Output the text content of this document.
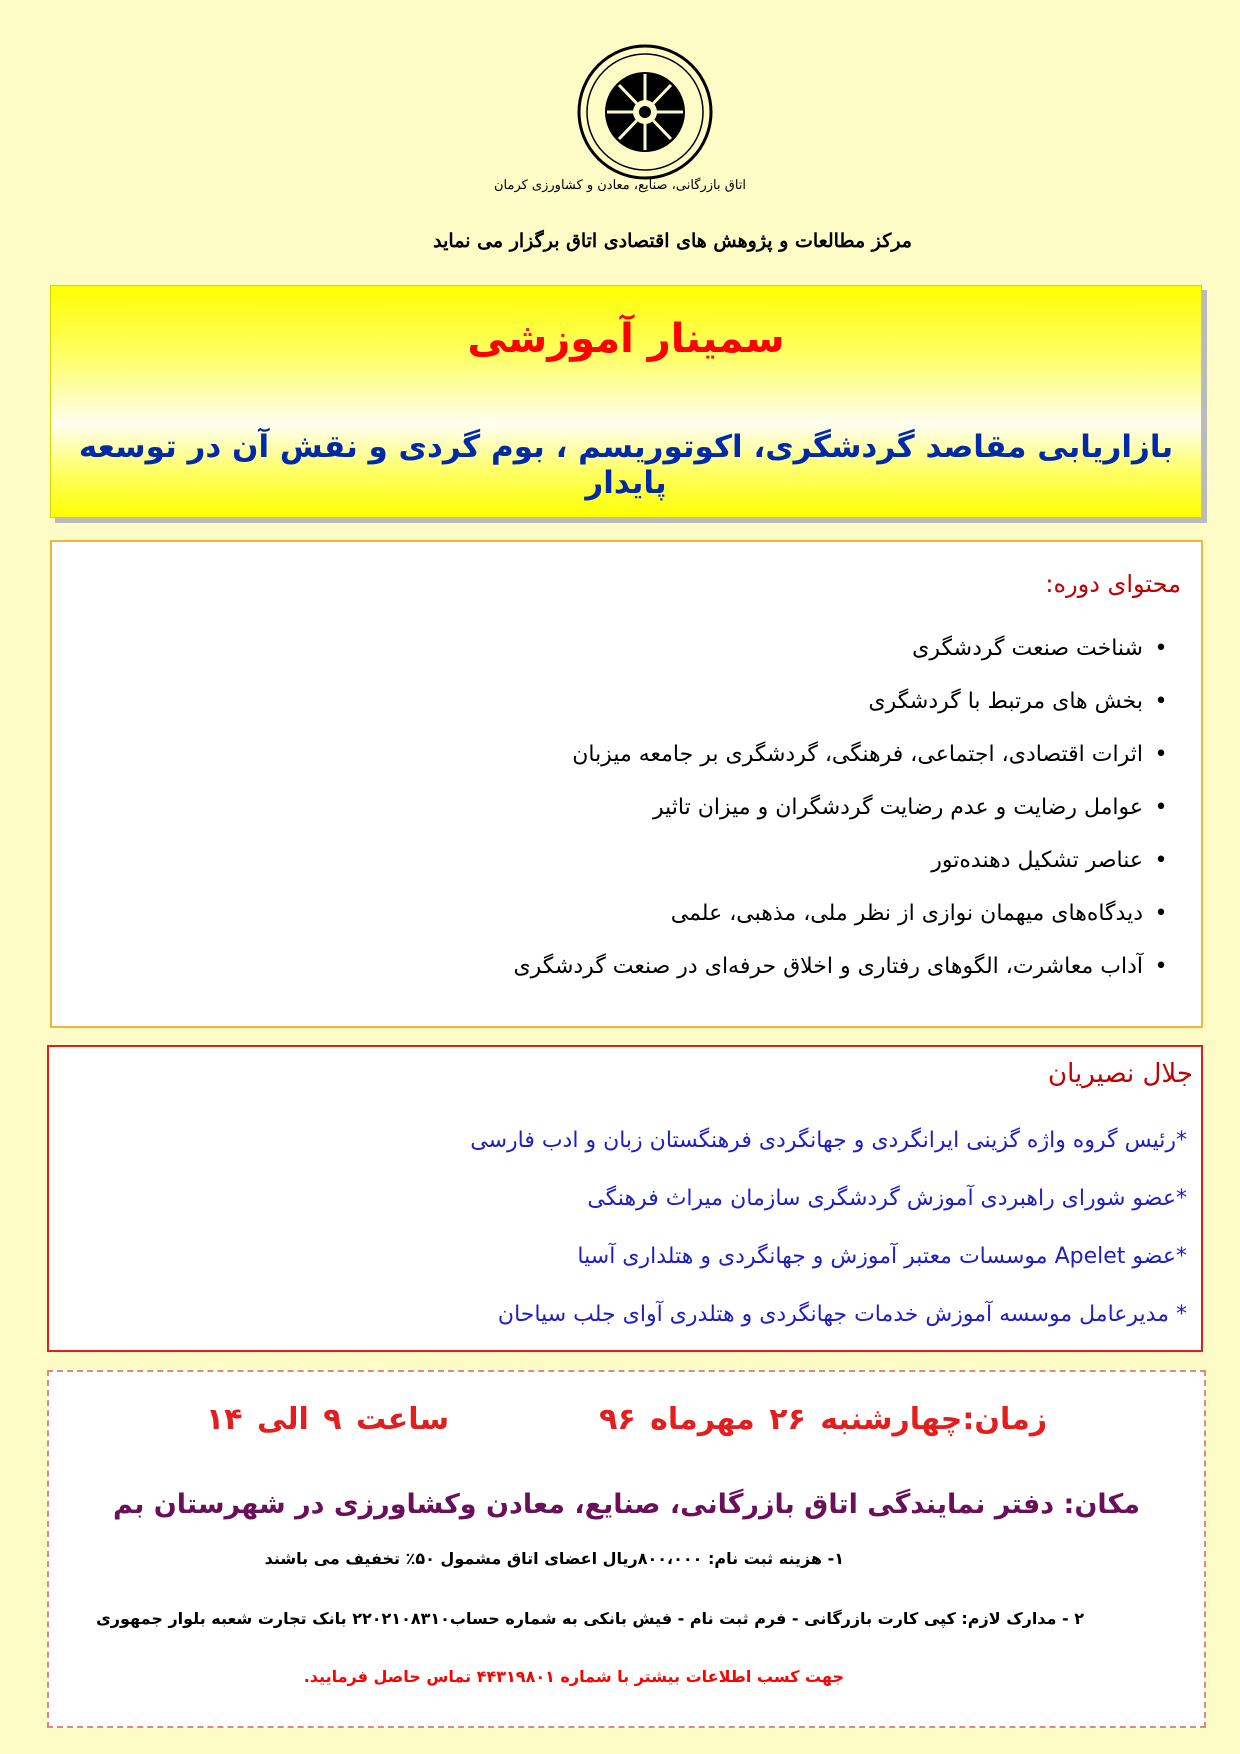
اتاق بازرگانی، صنایع، معادن و کشاورزی کرمان
مرکز مطالعات و پژوهش های اقتصادی اتاق برگزار می نماید
سمینار آموزشی
بازاریابی مقاصد گردشگری، اکوتوریسم ، بوم گردی و نقش آن در توسعه پایدار
محتوای دوره:
•شناخت صنعت گردشگری
•بخش های مرتبط با گردشگری
•اثرات اقتصادی، اجتماعی، فرهنگی، گردشگری بر جامعه میزبان
•عوامل رضایت و عدم رضایت گردشگران و میزان تاثیر
•عناصر تشکیل دهنده‌تور
•دیدگاه‌های میهمان نوازی از نظر ملی، مذهبی، علمی
•آداب معاشرت، الگوهای رفتاری و اخلاق حرفه‌ای در صنعت گردشگری
جلال نصیریان
*رئیس گروه واژه گزینی ایرانگردی و جهانگردی فرهنگستان زبان و ادب فارسی
*عضو شورای راهبردی آموزش گردشگری سازمان میراث فرهنگی
*عضو Apelet موسسات معتبر آموزش و جهانگردی و هتلداری آسیا
* مدیرعامل موسسه آموزش خدمات جهانگردی و هتلدری آوای جلب سیاحان
زمان:چهارشنبه ۲۶ مهرماه ۹۶ساعت ۹ الی ۱۴
مکان: دفتر نمایندگی اتاق بازرگانی، صنایع، معادن وکشاورزی در شهرستان بم
۱- هزینه ثبت نام: ۸۰۰،۰۰۰ریال اعضای اتاق مشمول ۵۰٪ تخفیف می باشند
۲ - مدارک لازم: کپی کارت بازرگانی - فرم ثبت نام - فیش بانکی به شماره حساب۲۲۰۲۱۰۸۳۱۰ بانک تجارت شعبه بلوار جمهوری
جهت کسب اطلاعات بیشتر با شماره ۴۴۳۱۹۸۰۱ تماس حاصل فرمایید.
